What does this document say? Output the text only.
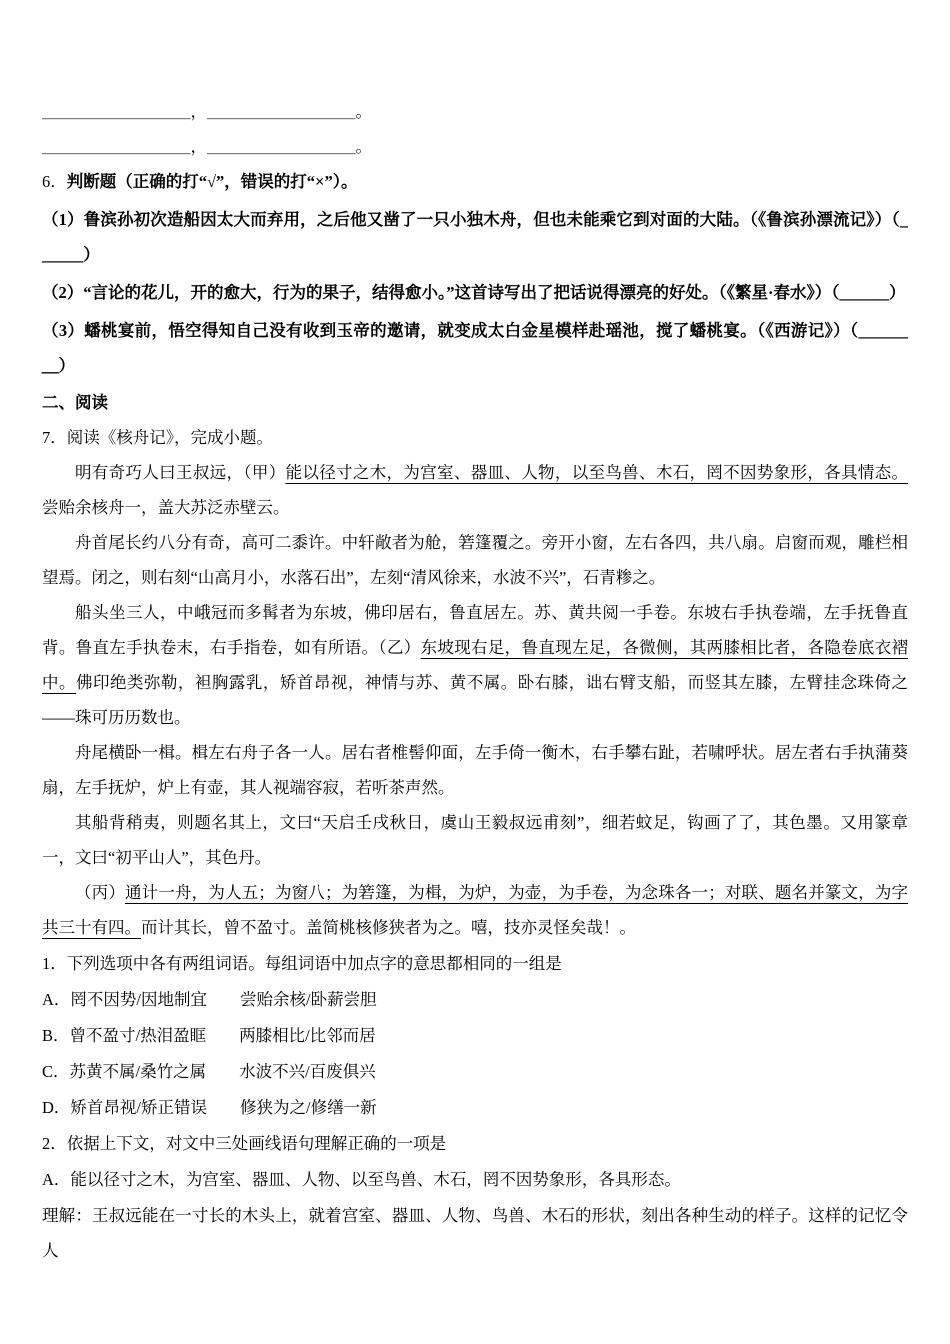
＿＿＿＿＿＿＿＿＿，＿＿＿＿＿＿＿＿＿。

＿＿＿＿＿＿＿＿＿，＿＿＿＿＿＿＿＿＿。

6．判断题（正确的打“√”，错误的打“×”）。

（1）鲁滨孙初次造船因太大而弃用，之后他又凿了一只小独木舟，但也未能乘它到对面的大陆。（《鲁滨孙漂流记》）（______）

（2）“言论的花儿，开的愈大，行为的果子，结得愈小。”这首诗写出了把话说得漂亮的好处。（《繁星·春水》）（______）

（3）蟠桃宴前，悟空得知自己没有收到玉帝的邀请，就变成太白金星模样赴瑶池，搅了蟠桃宴。（《西游记》）（______＿）

二、阅读

7．阅读《核舟记》，完成小题。

明有奇巧人曰王叔远，（甲）能以径寸之木，为宫室、器皿、人物，以至鸟兽、木石，罔不因势象形，各具情态。尝贻余核舟一，盖大苏泛赤壁云。

舟首尾长约八分有奇，高可二黍许。中轩敞者为舱，箬篷覆之。旁开小窗，左右各四，共八扇。启窗而观，雕栏相望焉。闭之，则右刻“山高月小，水落石出”，左刻“清风徐来，水波不兴”，石青糁之。

船头坐三人，中峨冠而多髯者为东坡，佛印居右，鲁直居左。苏、黄共阅一手卷。东坡右手执卷端，左手抚鲁直背。鲁直左手执卷末，右手指卷，如有所语。（乙）东坡现右足，鲁直现左足，各微侧，其两膝相比者，各隐卷底衣褶中。佛印绝类弥勒，袒胸露乳，矫首昂视，神情与苏、黄不属。卧右膝，诎右臂支船，而竖其左膝，左臂挂念珠倚之——珠可历历数也。

舟尾横卧一楫。楫左右舟子各一人。居右者椎髻仰面，左手倚一衡木，右手攀右趾，若啸呼状。居左者右手执蒲葵扇，左手抚炉，炉上有壶，其人视端容寂，若听茶声然。

其船背稍夷，则题名其上，文曰“天启壬戌秋日，虞山王毅叔远甫刻”，细若蚊足，钩画了了，其色墨。又用篆章一，文曰“初平山人”，其色丹。

（丙）通计一舟，为人五；为窗八；为箬篷，为楫，为炉，为壶，为手卷，为念珠各一；对联、题名并篆文，为字共三十有四。而计其长，曾不盈寸。盖简桃核修狭者为之。嘻，技亦灵怪矣哉！。

1．下列选项中各有两组词语。每组词语中加点字的意思都相同的一组是

A．罔不因势/因地制宜　　尝贻余核/卧薪尝胆

B．曾不盈寸/热泪盈眶　　两膝相比/比邻而居

C．苏黄不属/桑竹之属　　水波不兴/百废俱兴

D．矫首昂视/矫正错误　　修狭为之/修缮一新

2．依据上下文，对文中三处画线语句理解正确的一项是

A．能以径寸之木，为宫室、器皿、人物、以至鸟兽、木石，罔不因势象形，各具形态。

理解：王叔远能在一寸长的木头上，就着宫室、器皿、人物、鸟兽、木石的形状，刻出各种生动的样子。这样的记忆令人
